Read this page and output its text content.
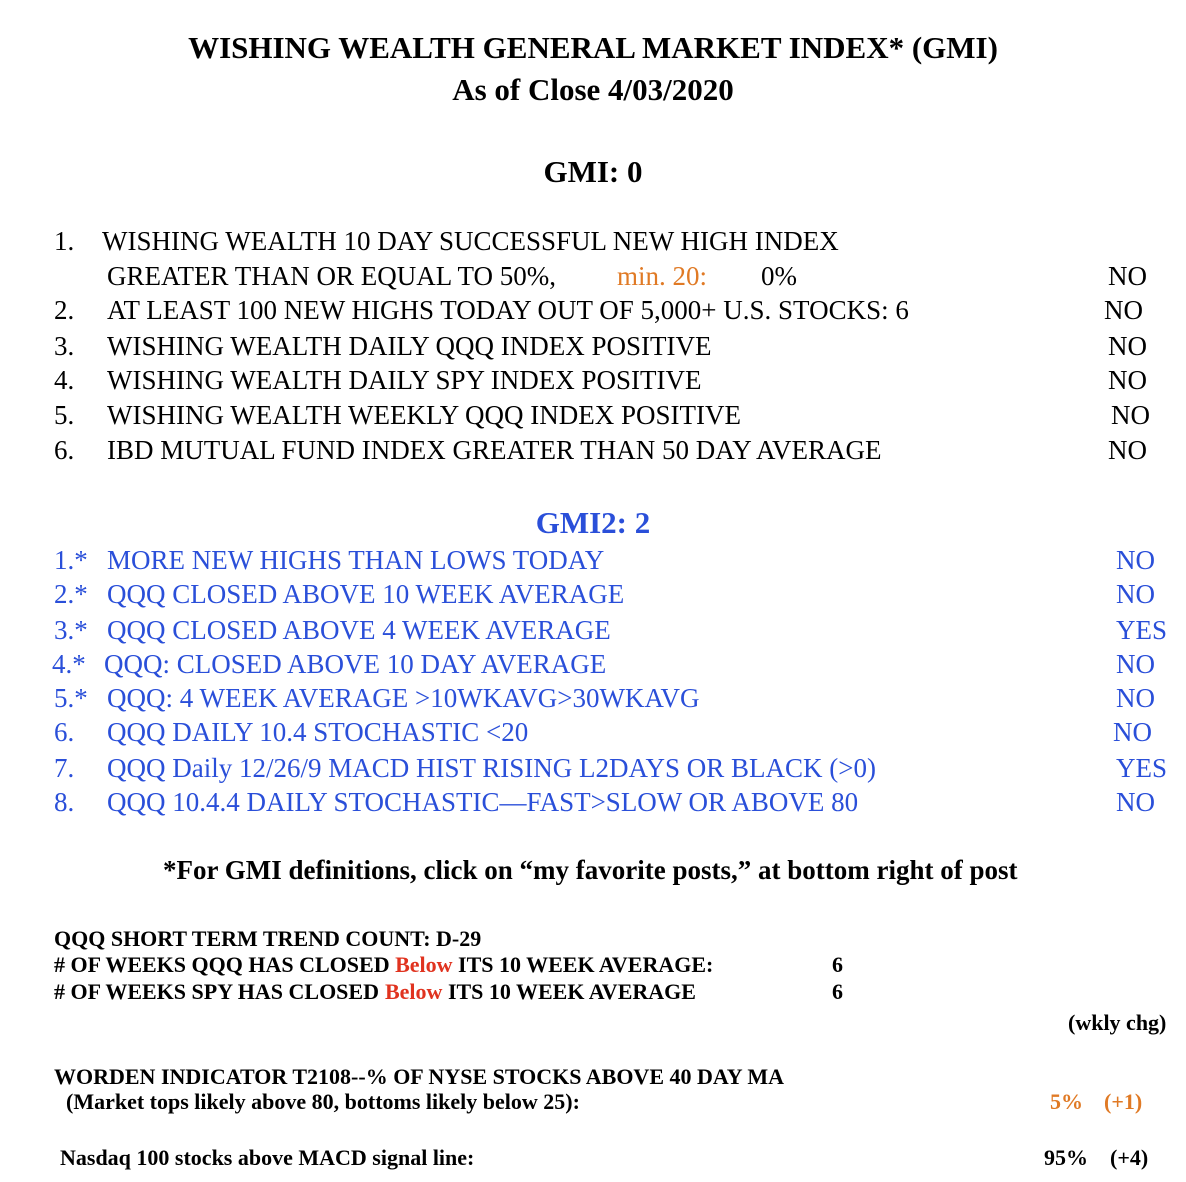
WISHING WEALTH GENERAL MARKET INDEX* (GMI)
As of Close 4/03/2020
GMI: 0
1. WISHING WEALTH 10 DAY SUCCESSFUL NEW HIGH INDEX
GREATER THAN OR EQUAL TO 50%, min. 20: 0%	NO
2. AT LEAST 100 NEW HIGHS TODAY OUT OF 5,000+ U.S. STOCKS: 6	NO
3. WISHING WEALTH DAILY QQQ INDEX POSITIVE	NO
4. WISHING WEALTH DAILY SPY INDEX POSITIVE	NO
5. WISHING WEALTH WEEKLY QQQ INDEX POSITIVE	NO
6. IBD MUTUAL FUND INDEX GREATER THAN 50 DAY AVERAGE	NO
GMI2: 2
1.* MORE NEW HIGHS THAN LOWS TODAY	NO
2.* QQQ CLOSED ABOVE 10 WEEK AVERAGE	NO
3.* QQQ CLOSED ABOVE 4 WEEK AVERAGE	YES
4.* QQQ: CLOSED ABOVE 10 DAY AVERAGE	NO
5.* QQQ: 4 WEEK AVERAGE >10WKAVG>30WKAVG	NO
6. QQQ DAILY 10.4 STOCHASTIC <20	NO
7. QQQ Daily 12/26/9 MACD HIST RISING L2DAYS OR BLACK (>0)	YES
8. QQQ 10.4.4 DAILY STOCHASTIC—FAST>SLOW OR ABOVE 80	NO
*For GMI definitions, click on “my favorite posts,” at bottom right of post
QQQ SHORT TERM TREND COUNT: D-29
# OF WEEKS QQQ HAS CLOSED Below ITS 10 WEEK AVERAGE:	6
# OF WEEKS SPY HAS CLOSED Below ITS 10 WEEK AVERAGE	6
(wkly chg)
WORDEN INDICATOR T2108--% OF NYSE STOCKS ABOVE 40 DAY MA
(Market tops likely above 80, bottoms likely below 25):	5% (+1)
Nasdaq 100 stocks above MACD signal line:	95% (+4)
